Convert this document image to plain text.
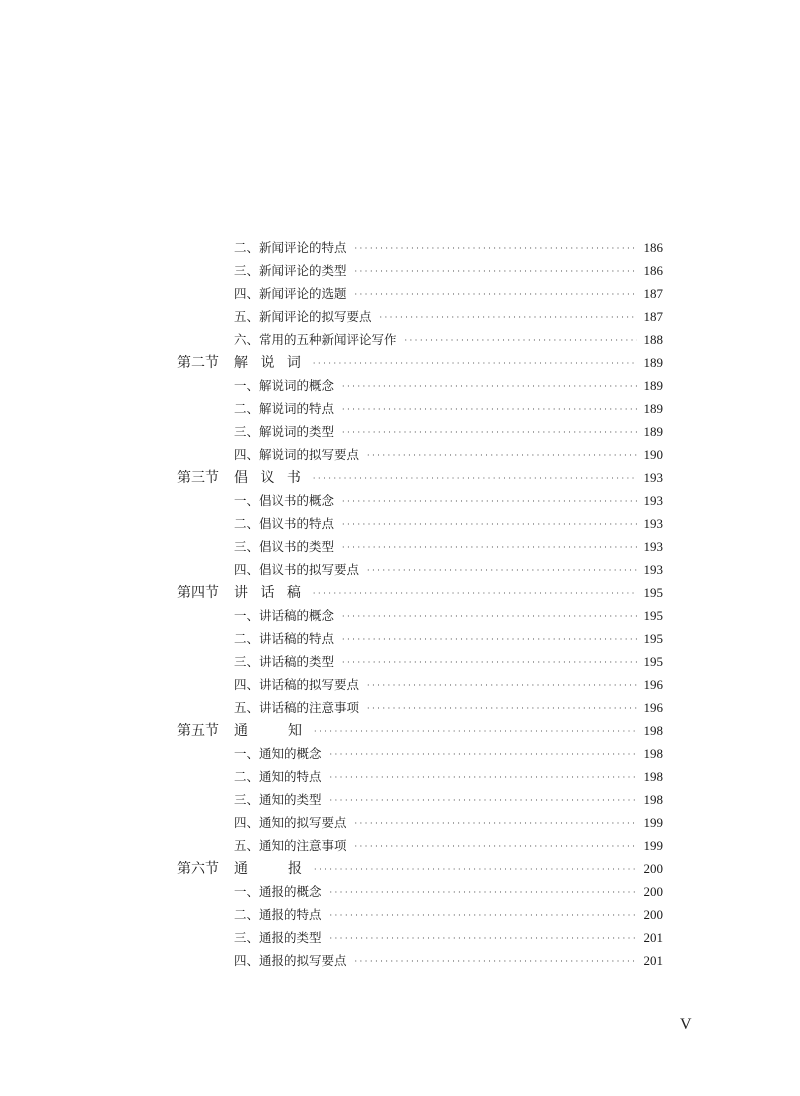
二、新闻评论的特点 ·····	186
三、新闻评论的类型 ·····	186
四、新闻评论的选题 ·····	187
五、新闻评论的拟写要点 ·····	187
六、常用的五种新闻评论写作 ·····	188
第二节	解 说 词 ·····	189
一、解说词的概念 ·····	189
二、解说词的特点 ·····	189
三、解说词的类型 ·····	189
四、解说词的拟写要点 ·····	190
第三节	倡 议 书 ·····	193
一、倡议书的概念 ·····	193
二、倡议书的特点 ·····	193
三、倡议书的类型 ·····	193
四、倡议书的拟写要点 ·····	193
第四节	讲 话 稿 ·····	195
一、讲话稿的概念 ·····	195
二、讲话稿的特点 ·····	195
三、讲话稿的类型 ·····	195
四、讲话稿的拟写要点 ·····	196
五、讲话稿的注意事项 ·····	196
第五节	通　　知 ·····	198
一、通知的概念 ·····	198
二、通知的特点 ·····	198
三、通知的类型 ·····	198
四、通知的拟写要点 ·····	199
五、通知的注意事项 ·····	199
第六节	通　　报 ·····	200
一、通报的概念 ·····	200
二、通报的特点 ·····	200
三、通报的类型 ·····	201
四、通报的拟写要点 ·····	201
V
